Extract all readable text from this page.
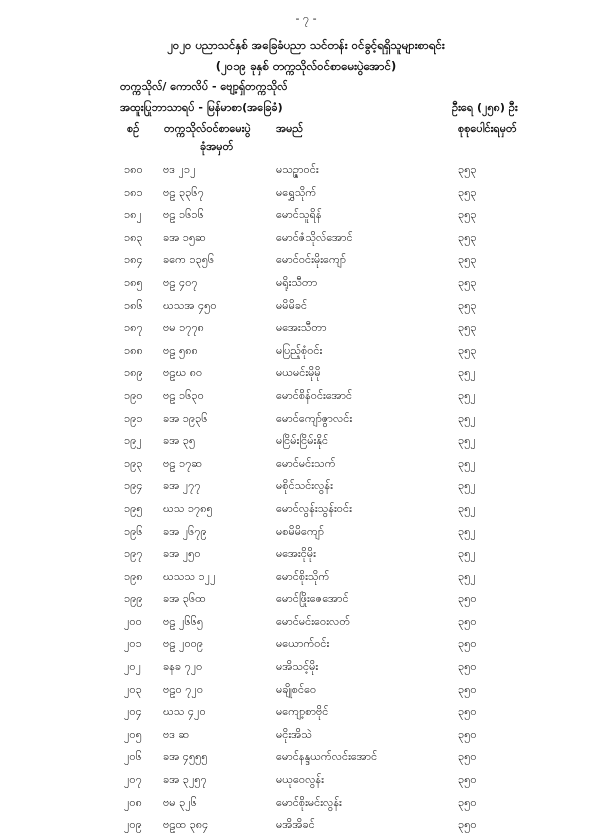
- ၇ -
၂၀၂၀ ပညာသင်နှစ် အခြေခံပညာ သင်တန်း ဝင်ခွင့်ရရှိသူများစာရင်း
(၂၀၁၉ ခုနှစ် တက္ကသိုလ်ဝင်စာမေးပွဲအောင်)
တက္ကသိုလ်/ ကောလိပ် - ဗျော့ရှ်တက္ကသိုလ်
အထူးပြုဘာသာရပ် - မြန်မာစာ(အခြေခံ)	ဦးရေ (၂၅၈) ဦး
စဉ် တက္ကသိုလ်ဝင်စာမေးပွဲ
ခုံအမှတ်
အမည်	စုစုပေါင်းရမှတ်
၁၈၀ ဗဒ ၂၁၂	မသဥ္ဇာဝင်း	၃၅၃
၁၈၁ ဗဠ ၃၃၆၇	မရွှေသိုက်	၃၅၃
၁၈၂ ဗဠ ၁၆၁၆	မောင်သူရိန်	၃၅၃
၁၈၃ ခအ ၁၅ဆ	မောင်ဇံသိုလ်အောင်	၃၅၃
၁၈၄ ခကေ ၁၃၅၆	မောင်ဝင်းမိုးကျော်	၃၅၃
၁၈၅ ဗဠ ၄၀၇	မရိုးသီတာ	၃၅၃
၁၈၆ ဃသအ ၄၅၀	မမိမိခင်	၃၅၃
၁၈၇ ဗမ ၁၇၇၈	မအေးသီတာ	၃၅၃
၁၈၈ ဗဠ ၅၈၈	မပြည့်စုံဝင်း	၃၅၃
၁၈၉ ဗဠဃ ၈၀	မယမင်းမိုမို	၃၅၂
၁၉၀ ဗဠ ၁၆၃၀	မောင်စိန်ဝင်းအောင်	၃၅၂
၁၉၁ ခအ ၁၉၃၆	မောင်ကျော်ဇွာလင်း	၃၅၂
၁၉၂ ခအ ၃၅	မငြိမ်းငြိမ်းနိုင်	၃၅၂
၁၉၃ ဗဠ ၁၇ဆ	မောင်မင်းသက်	၃၅၂
၁၉၄ ခအ ၂၇၇	မစိုင်သင်းလွန်း	၃၅၂
၁၉၅ ဃသ ၁၇၈၅	မောင်လွန်းသွန်းဝင်း	၃၅၂
၁၉၆ ခအ ၂၆၇၉	မစမိမိကျော်	၃၅၂
၁၉၇ ခအ ၂၅၀	မအေးငိုမိုး	၃၅၂
၁၉၈ ဃသသ ၁၂၂	မောင်စိုးသိုက်	၃၅၂
၁၉၉ ခအ ၃၆ထ	မောင်ဖြိုးဇေအောင်	၃၅၀
၂၀၀ ဗဠ ၂၆၆၅	မောင်မင်းဝေးလတ်	၃၅၀
၂၀၁ ဗဠ ၂၀၀၉	မယောက်ဝင်း	၃၅၀
၂၀၂ ခနခ ၇၂၀	မအိသင့်မိုး	၃၅၀
၂၀၃ ဗဠ၀ ၇၂၀	မချိုစင်ဝေ	၃၅၀
၂၀၄ ဃသ ၄၂၀	မကျော့စာဗိုင်	၃၅၀
၂၀၅ ဗဒ ဆ	မငိုးအိသဲ	၃၅၀
၂၀၆ ခအ ၄၅၅၅	မောင်နန္ဒယက်လင်းအောင်	၃၅၀
၂၀၇ ခအ ၃၂၅၇	မယုဝေလွန်း	၃၅၀
၂၀၈ ဗမ ၃၂၆	မောင်စိုးမင်းလွန်း	၃၅၀
၂၀၉ ဗဠထ ၃၈၄	မအိအိခင်	၃၅၀
